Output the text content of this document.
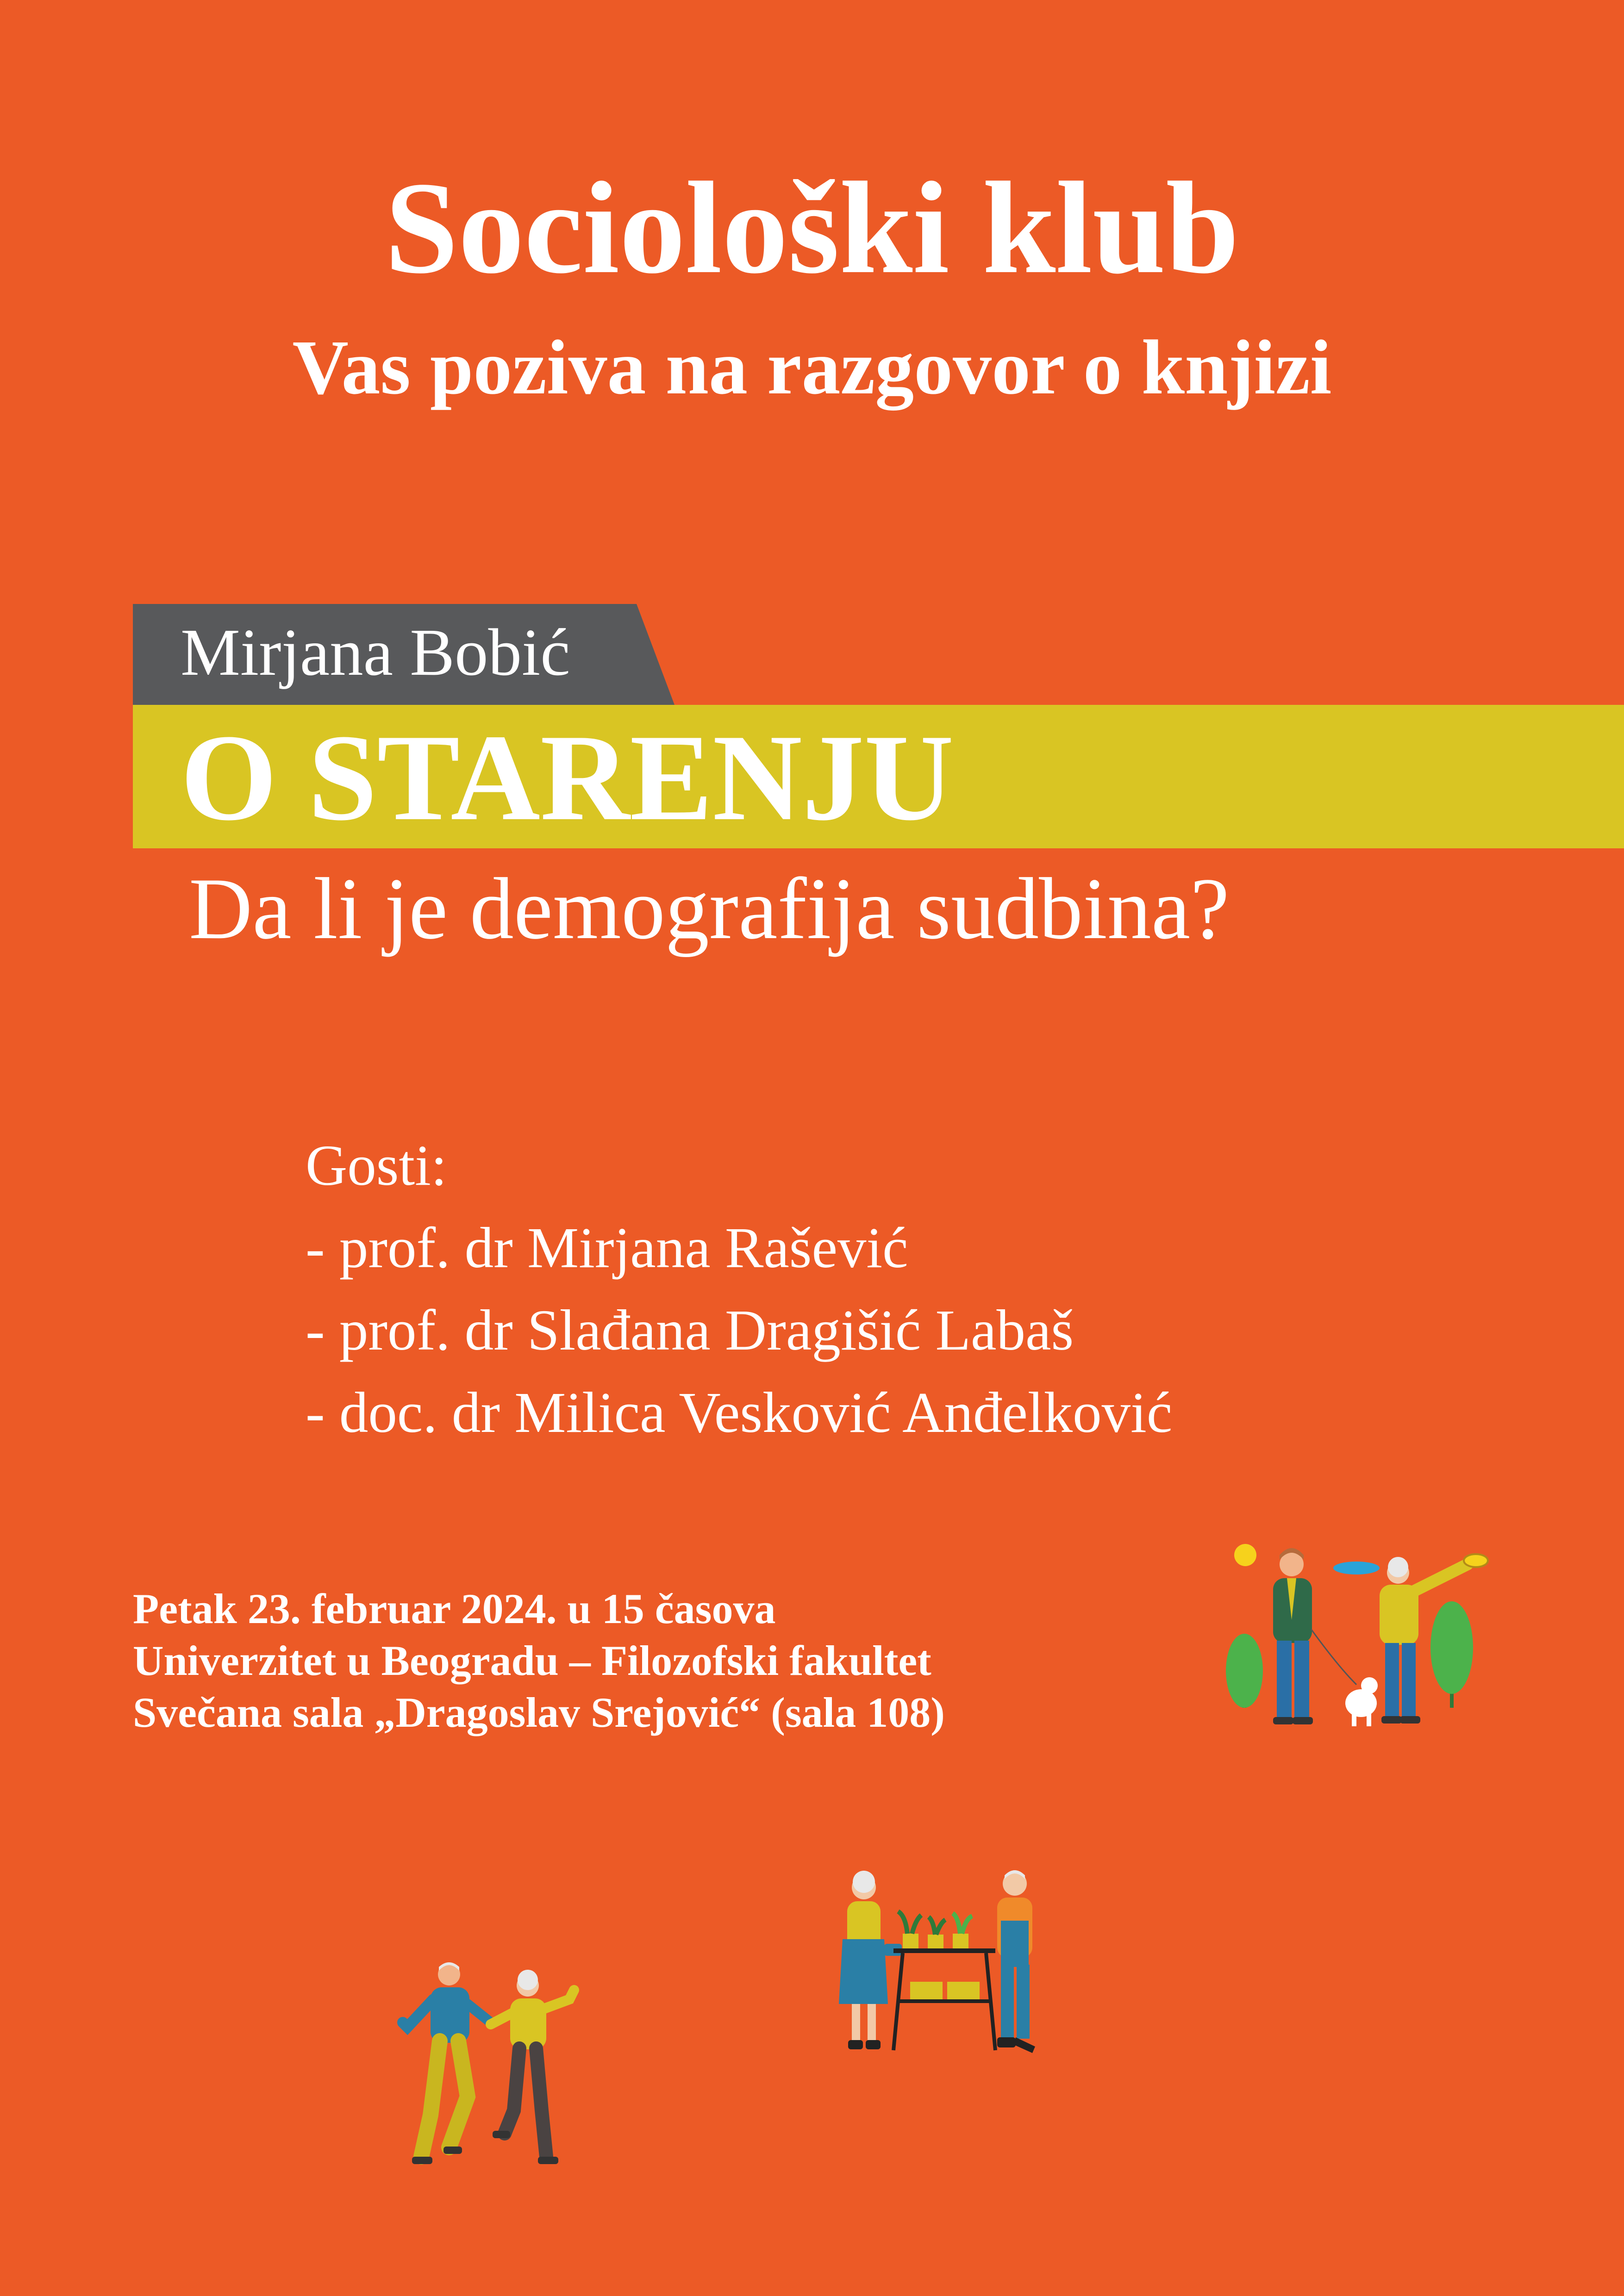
Sociološki klub
Vas poziva na razgovor o knjizi
Mirjana Bobić
O STARENJU
Da li je demografija sudbina?
Gosti:
- prof. dr Mirjana Rašević
- prof. dr Slađana Dragišić Labaš
- doc. dr Milica Vesković Anđelković
Petak 23. februar 2024. u 15 časova
Univerzitet u Beogradu – Filozofski fakultet
Svečana sala „Dragoslav Srejović“ (sala 108)
